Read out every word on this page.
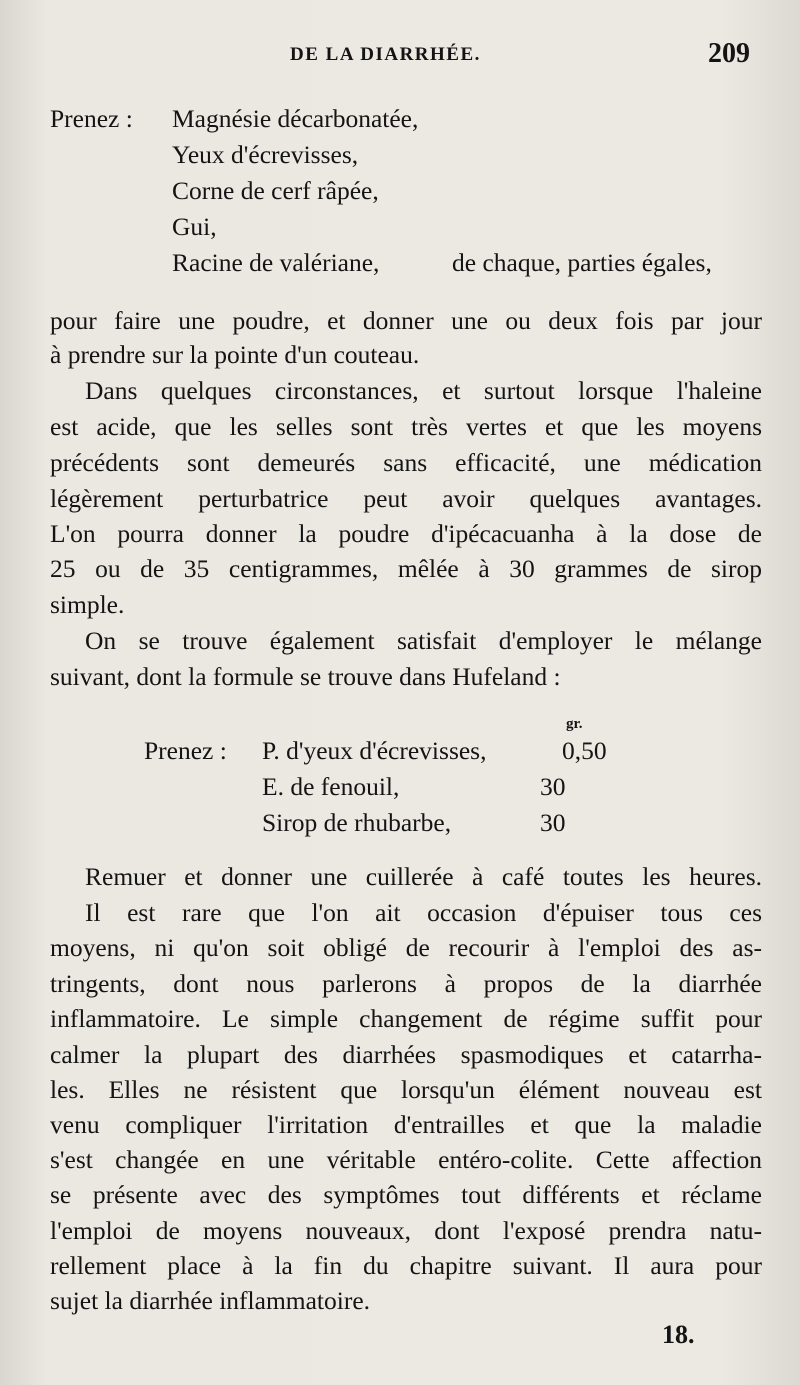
DE LA DIARRHÉE.	209
Prenez : Magnésie décarbonatée,
Yeux d'écrevisses,
Corne de cerf râpée,
Gui,
Racine de valériane,	de chaque, parties égales,
pour faire une poudre, et donner une ou deux fois par jour
à prendre sur la pointe d'un couteau.
Dans quelques circonstances, et surtout lorsque l'haleine
est acide, que les selles sont très vertes et que les moyens
précédents sont demeurés sans efficacité, une médication
légèrement perturbatrice peut avoir quelques avantages.
L'on pourra donner la poudre d'ipécacuanha à la dose de
25 ou de 35 centigrammes, mêlée à 30 grammes de sirop
simple.
On se trouve également satisfait d'employer le mélange
suivant, dont la formule se trouve dans Hufeland :
gr.
Prenez : P. d'yeux d'écrevisses,	0,50
E. de fenouil,	30
Sirop de rhubarbe,	30
Remuer et donner une cuillerée à café toutes les heures.
Il est rare que l'on ait occasion d'épuiser tous ces
moyens, ni qu'on soit obligé de recourir à l'emploi des as-
tringents, dont nous parlerons à propos de la diarrhée
inflammatoire. Le simple changement de régime suffit pour
calmer la plupart des diarrhées spasmodiques et catarrha-
les. Elles ne résistent que lorsqu'un élément nouveau est
venu compliquer l'irritation d'entrailles et que la maladie
s'est changée en une véritable entéro-colite. Cette affection
se présente avec des symptômes tout différents et réclame
l'emploi de moyens nouveaux, dont l'exposé prendra natu-
rellement place à la fin du chapitre suivant. Il aura pour
sujet la diarrhée inflammatoire.
18.
